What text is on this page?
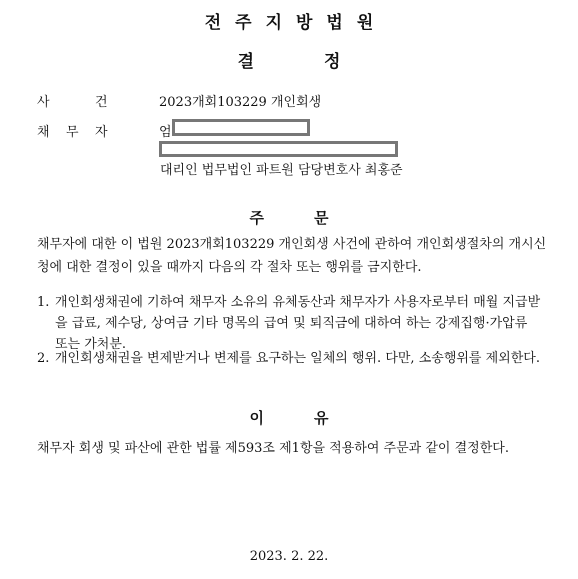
전주지방법원
결	정
사	건	2023개회103229 개인회생
채 무 자	엄
대리인 법무법인 파트원 담당변호사 최홍준
주	문
채무자에 대한 이 법원 2023개회103229 개인회생 사건에 관하여 개인회생절차의 개시신청에 대한 결정이 있을 때까지 다음의 각 절차 또는 행위를 금지한다.
1. 개인회생채권에 기하여 채무자 소유의 유체동산과 채무자가 사용자로부터 매월 지급받을 급료, 제수당, 상여금 기타 명목의 급여 및 퇴직금에 대하여 하는 강제집행·가압류 또는 가처분.
2. 개인회생채권을 변제받거나 변제를 요구하는 일체의 행위. 다만, 소송행위를 제외한다.
이	유
채무자 회생 및 파산에 관한 법률 제593조 제1항을 적용하여 주문과 같이 결정한다.
2023. 2. 22.
